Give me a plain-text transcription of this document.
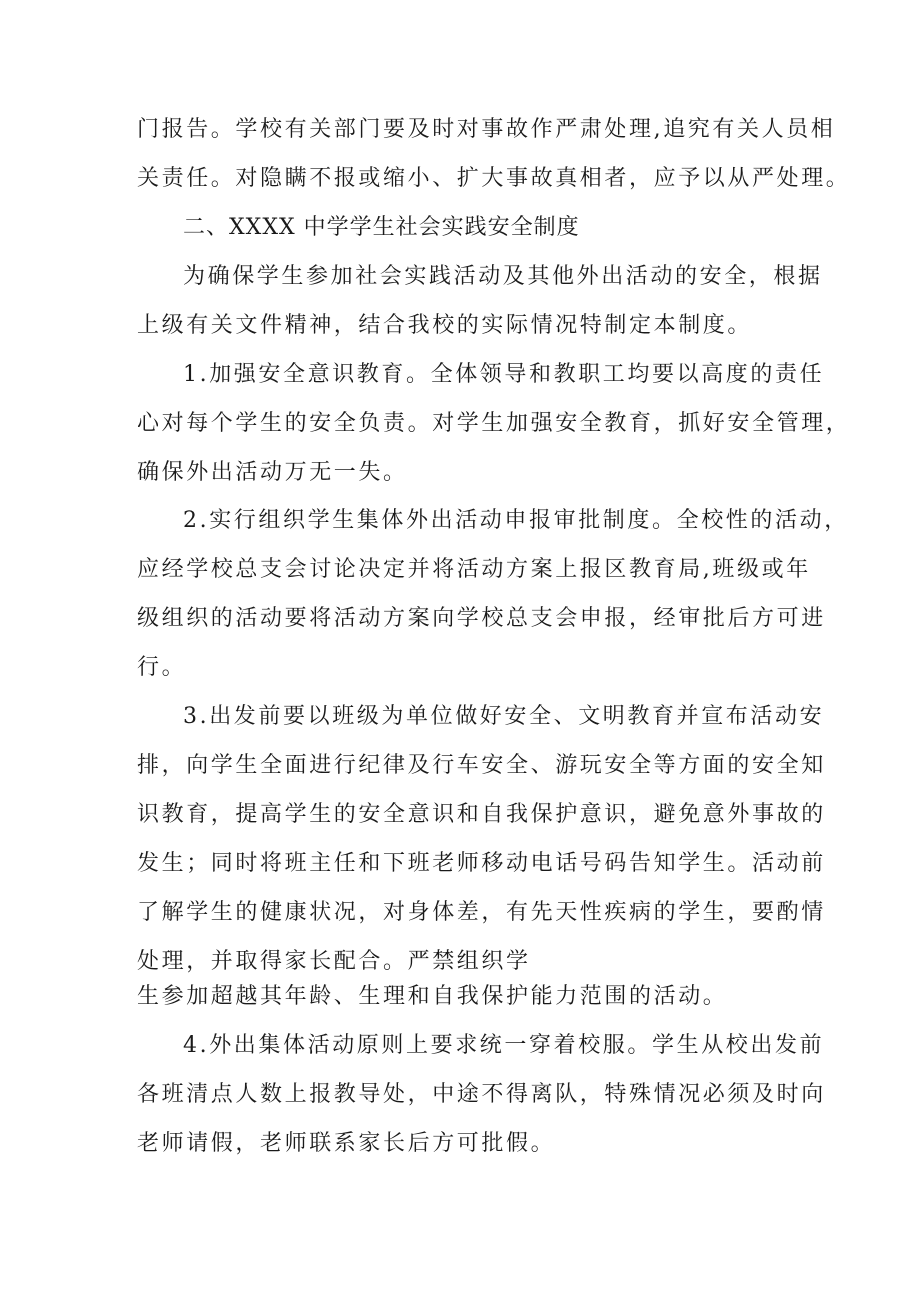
门报告。学校有关部门要及时对事故作严肃处理,追究有关人员相
关责任。对隐瞒不报或缩小、扩大事故真相者，应予以从严处理。
二、XXXX 中学学生社会实践安全制度
为确保学生参加社会实践活动及其他外出活动的安全，根据
上级有关文件精神，结合我校的实际情况特制定本制度。
1.加强安全意识教育。全体领导和教职工均要以高度的责任
心对每个学生的安全负责。对学生加强安全教育，抓好安全管理，
确保外出活动万无一失。
2.实行组织学生集体外出活动申报审批制度。全校性的活动，
应经学校总支会讨论决定并将活动方案上报区教育局,班级或年
级组织的活动要将活动方案向学校总支会申报，经审批后方可进
行。
3.出发前要以班级为单位做好安全、文明教育并宣布活动安
排，向学生全面进行纪律及行车安全、游玩安全等方面的安全知
识教育，提高学生的安全意识和自我保护意识，避免意外事故的
发生；同时将班主任和下班老师移动电话号码告知学生。活动前
了解学生的健康状况，对身体差，有先天性疾病的学生，要酌情
处理，并取得家长配合。严禁组织学
生参加超越其年龄、生理和自我保护能力范围的活动。
4.外出集体活动原则上要求统一穿着校服。学生从校出发前
各班清点人数上报教导处，中途不得离队，特殊情况必须及时向
老师请假，老师联系家长后方可批假。
